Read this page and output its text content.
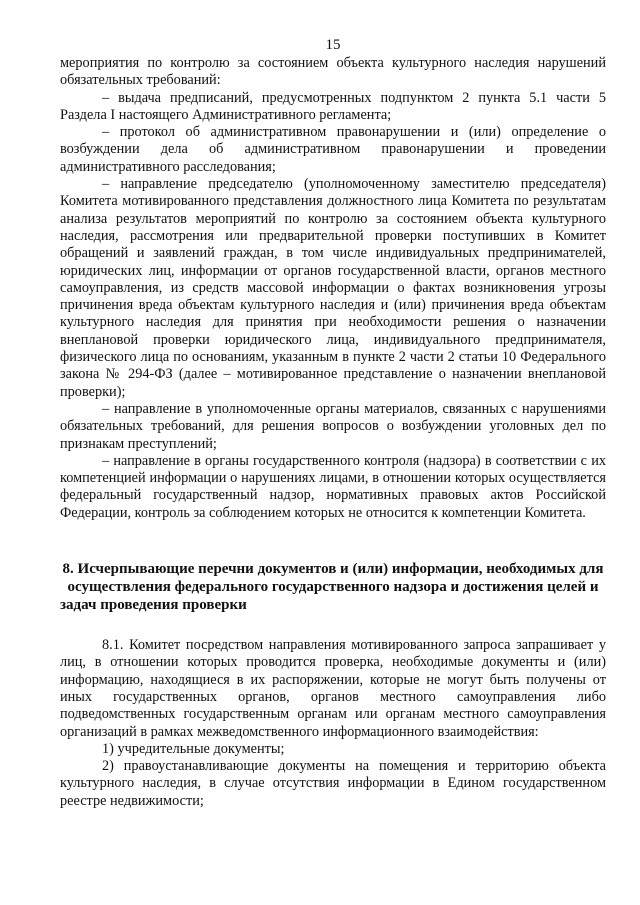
15

мероприятия по контролю за состоянием объекта культурного наследия нарушений обязательных требований:

– выдача предписаний, предусмотренных подпунктом 2 пункта 5.1 части 5 Раздела I настоящего Административного регламента;

– протокол об административном правонарушении и (или) определение о возбуждении дела об административном правонарушении и проведении административного расследования;

– направление председателю (уполномоченному заместителю председателя) Комитета мотивированного представления должностного лица Комитета по результатам анализа результатов мероприятий по контролю за состоянием объекта культурного наследия, рассмотрения или предварительной проверки поступивших в Комитет обращений и заявлений граждан, в том числе индивидуальных предпринимателей, юридических лиц, информации от органов государственной власти, органов местного самоуправления, из средств массовой информации о фактах возникновения угрозы причинения вреда объектам культурного наследия и (или) причинения вреда объектам культурного наследия для принятия при необходимости решения о назначении внеплановой проверки юридического лица, индивидуального предпринимателя, физического лица по основаниям, указанным в пункте 2 части 2 статьи 10 Федерального закона № 294-ФЗ (далее – мотивированное представление о назначении внеплановой проверки);

– направление в уполномоченные органы материалов, связанных с нарушениями обязательных требований, для решения вопросов о возбуждении уголовных дел по признакам преступлений;

– направление в органы государственного контроля (надзора) в соответствии с их компетенцией информации о нарушениях лицами, в отношении которых осуществляется федеральный государственный надзор, нормативных правовых актов Российской Федерации, контроль за соблюдением которых не относится к компетенции Комитета.

8. Исчерпывающие перечни документов и (или) информации, необходимых для осуществления федерального государственного надзора и достижения целей и задач проведения проверки

8.1. Комитет посредством направления мотивированного запроса запрашивает у лиц, в отношении которых проводится проверка, необходимые документы и (или) информацию, находящиеся в их распоряжении, которые не могут быть получены от иных государственных органов, органов местного самоуправления либо подведомственных государственным органам или органам местного самоуправления организаций в рамках межведомственного информационного взаимодействия:

1) учредительные документы;

2) правоустанавливающие документы на помещения и территорию объекта культурного наследия, в случае отсутствия информации в Едином государственном реестре недвижимости;
